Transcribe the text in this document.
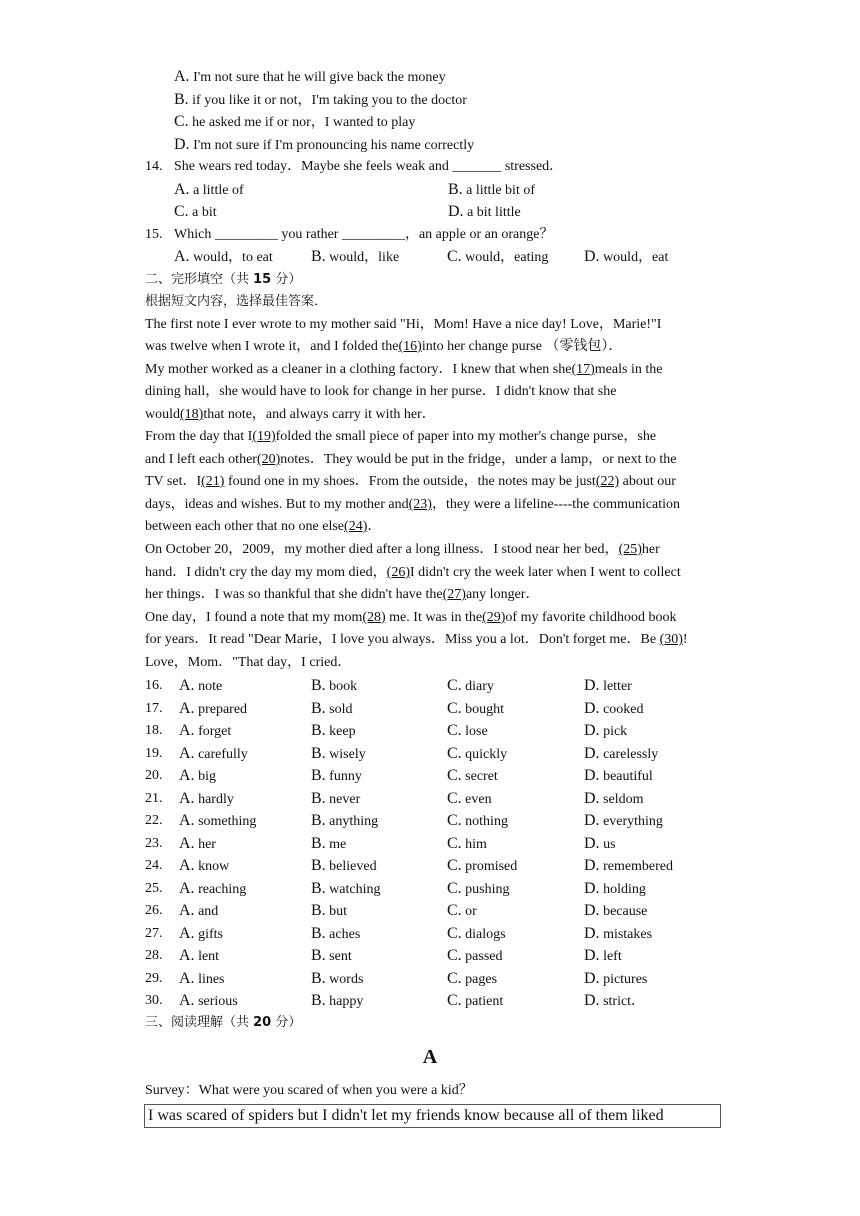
A. I'm not sure that he will give back the money
B. if you like it or not，I'm taking you to the doctor
C. he asked me if or nor，I wanted to play
D. I'm not sure if I'm pronouncing his name correctly
14. She wears red today．Maybe she feels weak and _______ stressed．
A. a little of	B. a little bit of
C. a bit	D. a bit little
15. Which _________ you rather _________，an apple or an orange？
A. would，to eat B. would，like	C. would，eating D. would，eat
二、完形填空（共 15 分）
根据短文内容，选择最佳答案．
The first note I ever wrote to my mother said "Hi，Mom! Have a nice day! Love，Marie!"I
was twelve when I wrote it，and I folded the(16)into her change purse （零钱包）．
My mother worked as a cleaner in a clothing factory．I knew that when she(17)meals in the
dining hall，she would have to look for change in her purse．I didn't know that she
would(18)that note，and always carry it with her．
From the day that I(19)folded the small piece of paper into my mother's change purse，she
and I left each other(20)notes．They would be put in the fridge，under a lamp，or next to the
TV set．I(21) found one in my shoes．From the outside，the notes may be just(22) about our
days，ideas and wishes. But to my mother and(23)，they were a lifeline----the communication
between each other that no one else(24)．
On October 20，2009，my mother died after a long illness．I stood near her bed，(25)her
hand．I didn't cry the day my mom died，(26)I didn't cry the week later when I went to collect
her things．I was so thankful that she didn't have the(27)any longer．
One day，I found a note that my mom(28) me. It was in the(29)of my favorite childhood book
for years．It read "Dear Marie，I love you always．Miss you a lot．Don't forget me．Be (30)!
Love，Mom．"That day，I cried．
16. A. note	B. book	C. diary	D. letter
17. A. prepared	B. sold	C. bought	D. cooked
18. A. forget	B. keep	C. lose	D. pick
19. A. carefully	B. wisely	C. quickly	D. carelessly
20. A. big	B. funny	C. secret	D. beautiful
21. A. hardly	B. never	C. even	D. seldom
22. A. something	B. anything	C. nothing	D. everything
23. A. her	B. me	C. him	D. us
24. A. know	B. believed	C. promised	D. remembered
25. A. reaching	B. watching	C. pushing	D. holding
26. A. and	B. but	C. or	D. because
27. A. gifts	B. aches	C. dialogs	D. mistakes
28. A. lent	B. sent	C. passed	D. left
29. A. lines	B. words	C. pages	D. pictures
30. A. serious	B. happy	C. patient	D. strict．
三、阅读理解（共 20 分）
A
Survey：What were you scared of when you were a kid？
I was scared of spiders but I didn't let my friends know because all of them liked
